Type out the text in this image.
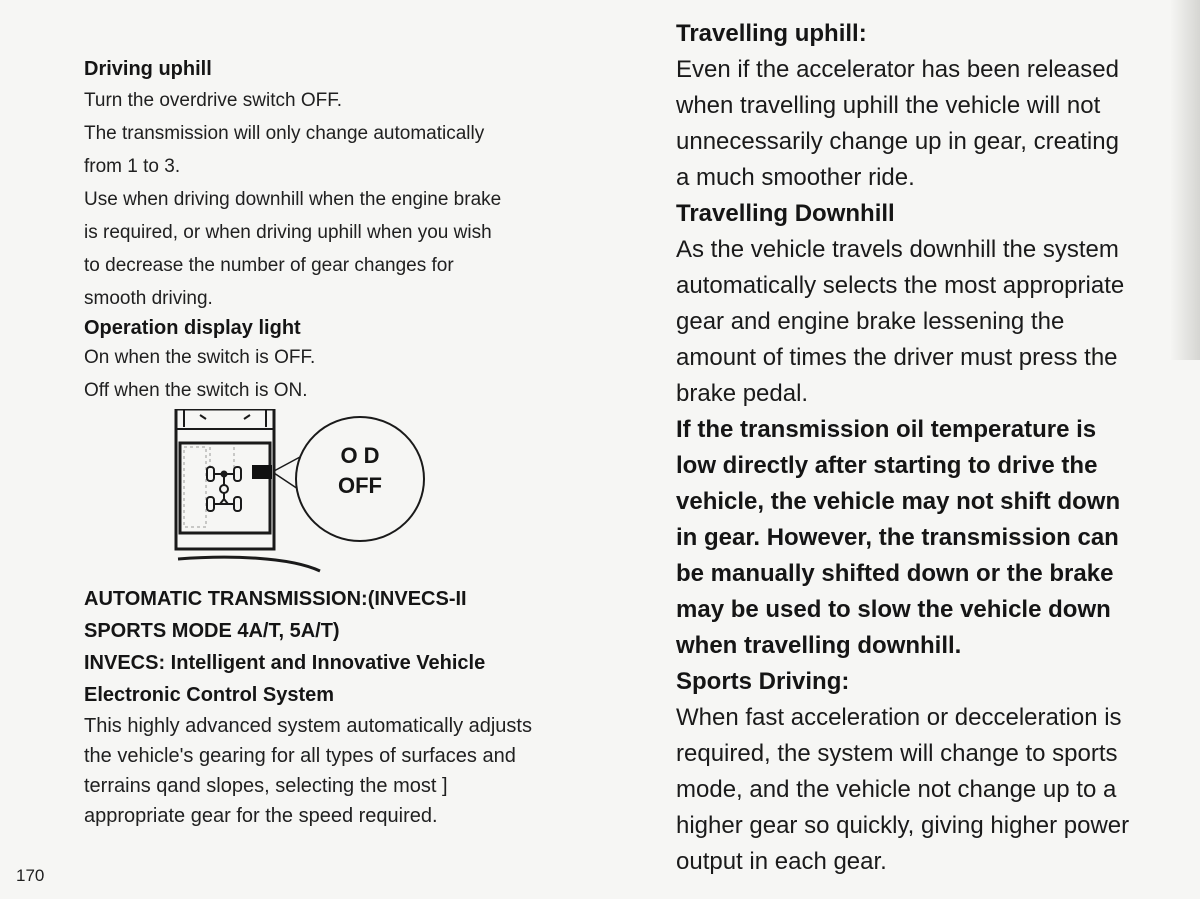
Driving uphill
Turn the overdrive switch OFF.
The transmission will only change automatically
from 1 to 3.
Use when driving downhill when the engine brake
is required, or when driving uphill when you wish
to decrease the number of gear changes for
smooth driving.
Operation display light
On when the switch is OFF.
Off when the switch is ON.
O D
OFF
AUTOMATIC TRANSMISSION:(INVECS-II
SPORTS MODE 4A/T, 5A/T)
INVECS: Intelligent and Innovative Vehicle
Electronic Control System
This highly advanced system automatically adjusts
the vehicle's gearing for all types of surfaces and
terrains qand slopes, selecting the most ]
appropriate gear for the speed required.
Travelling uphill:
Even if the accelerator has been released
when travelling uphill the vehicle will not
unnecessarily change up in gear, creating
a much smoother ride.
Travelling Downhill
As the vehicle travels downhill the system
automatically selects the most appropriate
gear and engine brake lessening the
amount of times the driver must press the
brake pedal.
If the transmission oil temperature is
low directly after starting to drive the
vehicle, the vehicle may not shift down
in gear. However, the transmission can
be manually shifted down or the brake
may be used to slow the vehicle down
when travelling downhill.
Sports Driving:
When fast acceleration or decceleration is
required, the system will change to sports
mode, and the vehicle not change up to a
higher gear so quickly, giving higher power
output in each gear.
170
